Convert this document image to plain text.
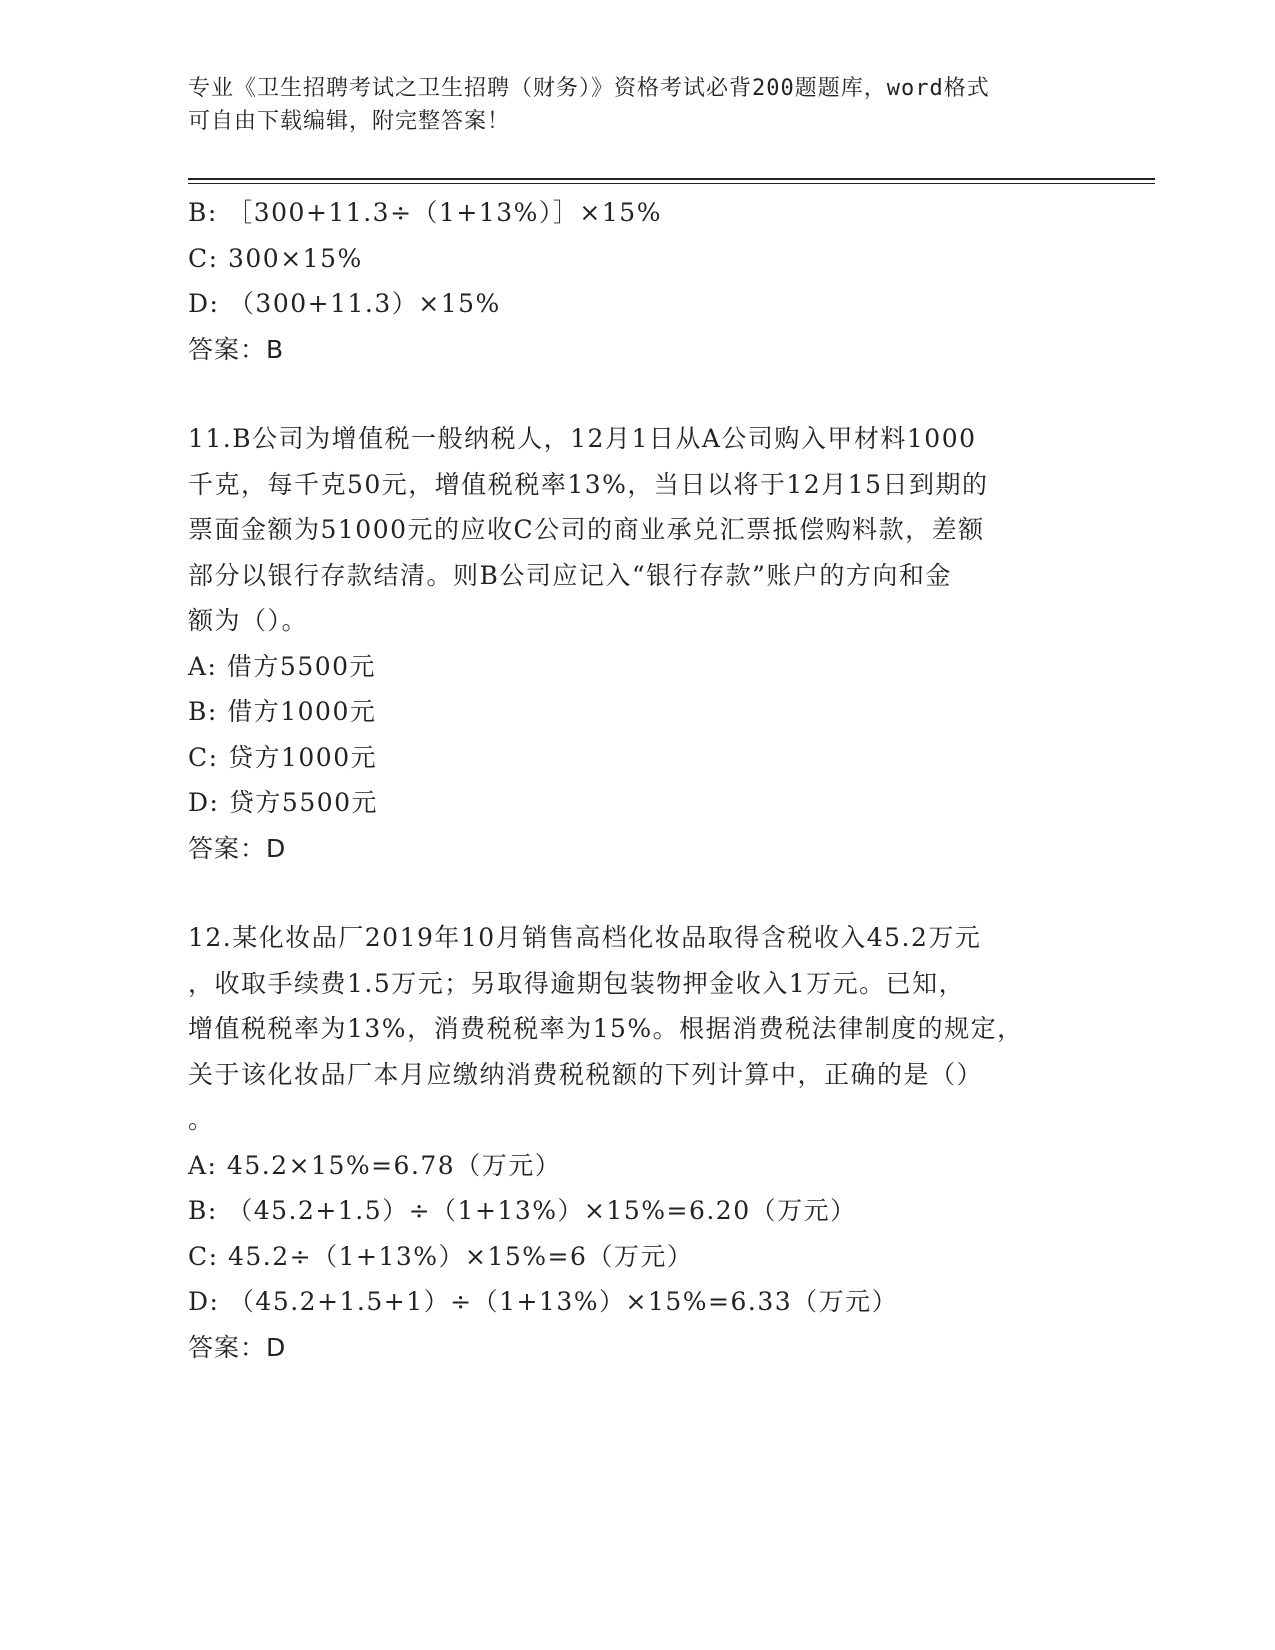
专业《卫生招聘考试之卫生招聘（财务）》资格考试必背200题题库，word格式
可自由下载编辑，附完整答案！
B: ［300+11.3÷（1+13%）］×15%
C: 300×15%
D: （300+11.3）×15%
答案：B
11.B公司为增值税一般纳税人，12月1日从A公司购入甲材料1000
千克，每千克50元，增值税税率13%，当日以将于12月15日到期的
票面金额为51000元的应收C公司的商业承兑汇票抵偿购料款，差额
部分以银行存款结清。则B公司应记入“银行存款”账户的方向和金
额为（）。
A: 借方5500元
B: 借方1000元
C: 贷方1000元
D: 贷方5500元
答案：D
12.某化妆品厂2019年10月销售高档化妆品取得含税收入45.2万元
，收取手续费1.5万元；另取得逾期包装物押金收入1万元。已知，
增值税税率为13%，消费税税率为15%。根据消费税法律制度的规定，
关于该化妆品厂本月应缴纳消费税税额的下列计算中，正确的是（）
。
A: 45.2×15%=6.78（万元）
B: （45.2+1.5）÷（1+13%）×15%=6.20（万元）
C: 45.2÷（1+13%）×15%=6（万元）
D: （45.2+1.5+1）÷（1+13%）×15%=6.33（万元）
答案：D
